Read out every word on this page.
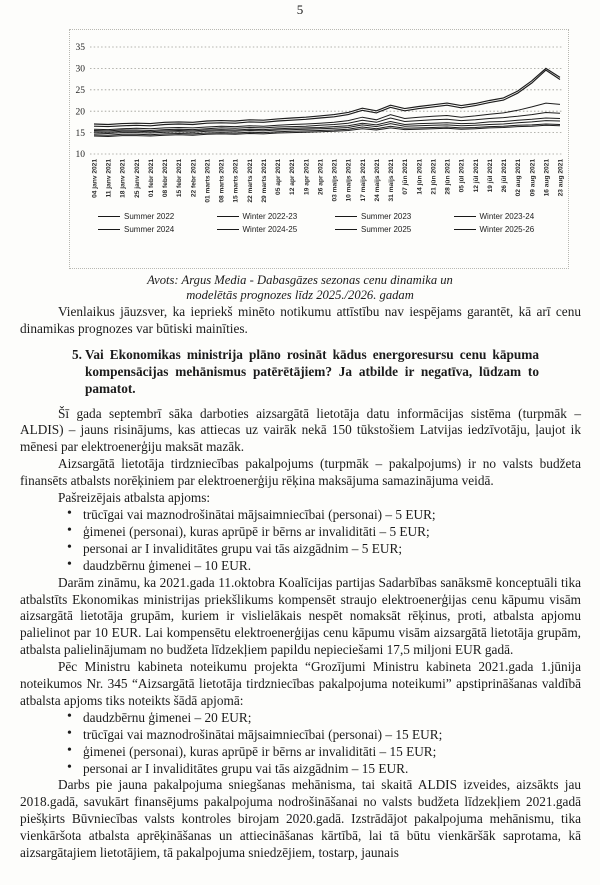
5
35
30
25
20
15
10
04 janv 2021 11 janv 2021 18 janv 2021 25 janv 2021 01 febr 2021 08 febr 2021 15 febr 2021 22 febr 2021 01 marts 2021 08 marts 2021 15 marts 2021 22 marts 2021 29 marts 2021 05 apr 2021 12 apr 2021 19 apr 2021 26 apr 2021 03 maijs 2021 10 maijs 2021 17 maijs 2021 24 maijs 2021 31 maijs 2021 07 jūn 2021 14 jūn 2021 21 jūn 2021 28 jūn 2021 05 jūl 2021 12 jūl 2021 19 jūl 2021 26 jūl 2021 02 aug 2021 09 aug 2021 16 aug 2021 23 aug 2021
Summer 2022	Winter 2022-23	Summer 2023	Winter 2023-24
Summer 2024	Winter 2024-25	Summer 2025	Winter 2025-26
Avots: Argus Media - Dabasgāzes sezonas cenu dinamika un
modelētās prognozes līdz 2025./2026. gadam

Vienlaikus jāuzsver, ka iepriekš minēto notikumu attīstību nav iespējams garantēt, kā arī cenu dinamikas prognozes var būtiski mainīties.

5. Vai Ekonomikas ministrija plāno rosināt kādus energoresursu cenu kāpuma kompensācijas mehānismus patērētājiem? Ja atbilde ir negatīva, lūdzam to pamatot.

Šī gada septembrī sāka darboties aizsargātā lietotāja datu informācijas sistēma (turpmāk – ALDIS) – jauns risinājums, kas attiecas uz vairāk nekā 150 tūkstošiem Latvijas iedzīvotāju, ļaujot ik mēnesi par elektroenerģiju maksāt mazāk.

Aizsargātā lietotāja tirdzniecības pakalpojums (turpmāk – pakalpojums) ir no valsts budžeta finansēts atbalsts norēķiniem par elektroenerģiju rēķina maksājuma samazinājuma veidā.

Pašreizējais atbalsta apjoms:

• trūcīgai vai maznodrošinātai mājsaimniecībai (personai) – 5 EUR;
• ģimenei (personai), kuras aprūpē ir bērns ar invaliditāti – 5 EUR;
• personai ar I invaliditātes grupu vai tās aizgādnim – 5 EUR;
• daudzbērnu ģimenei – 10 EUR.

Darām zināmu, ka 2021.gada 11.oktobra Koalīcijas partijas Sadarbības sanāksmē konceptuāli tika atbalstīts Ekonomikas ministrijas priekšlikums kompensēt straujo elektroenerģijas cenu kāpumu visām aizsargātā lietotāja grupām, kuriem ir vislielākais nespēt nomaksāt rēķinus, proti, atbalsta apjomu palielinot par 10 EUR. Lai kompensētu elektroenerģijas cenu kāpumu visām aizsargātā lietotāja grupām, atbalsta palielinājumam no budžeta līdzekļiem papildu nepieciešami 17,5 miljoni EUR gadā.

Pēc Ministru kabineta noteikumu projekta “Grozījumi Ministru kabineta 2021.gada 1.jūnija noteikumos Nr. 345 “Aizsargātā lietotāja tirdzniecības pakalpojuma noteikumi” apstiprināšanas valdībā atbalsta apjoms tiks noteikts šādā apjomā:

• daudzbērnu ģimenei – 20 EUR;
• trūcīgai vai maznodrošinātai mājsaimniecībai (personai) – 15 EUR;
• ģimenei (personai), kuras aprūpē ir bērns ar invaliditāti – 15 EUR;
• personai ar I invaliditātes grupu vai tās aizgādnim – 15 EUR.

Darbs pie jauna pakalpojuma sniegšanas mehānisma, tai skaitā ALDIS izveides, aizsākts jau 2018.gadā, savukārt finansējums pakalpojuma nodrošināšanai no valsts budžeta līdzekļiem 2021.gadā piešķirts Būvniecības valsts kontroles birojam 2020.gadā. Izstrādājot pakalpojuma mehānismu, tika vienkāršota atbalsta aprēķināšanas un attiecināšanas kārtībā, lai tā būtu vienkāršāk saprotama, kā aizsargātajiem lietotājiem, tā pakalpojuma sniedzējiem, tostarp, jaunais
